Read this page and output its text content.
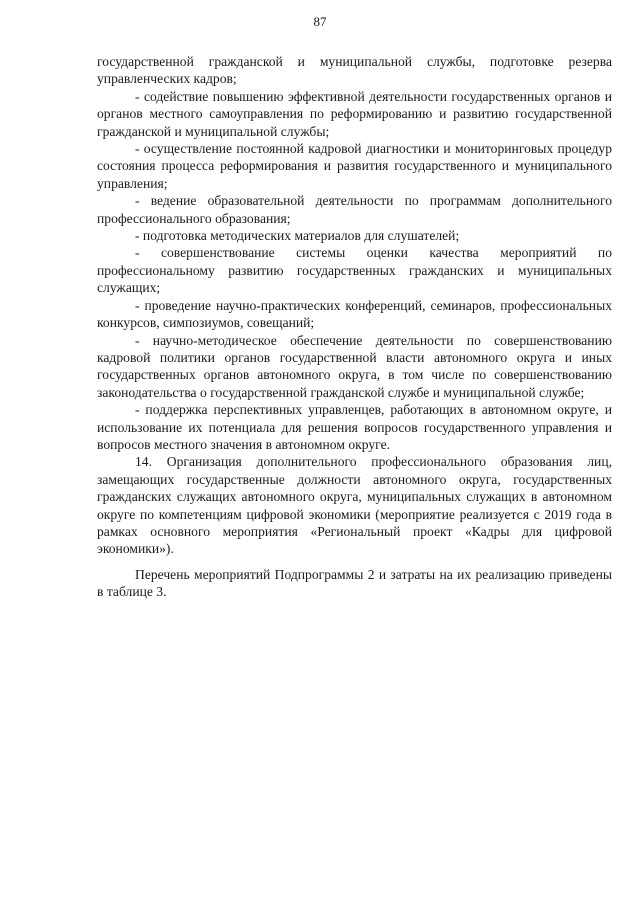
87

государственной гражданской и муниципальной службы, подготовке резерва управленческих кадров;

- содействие повышению эффективной деятельности государственных органов и органов местного самоуправления по реформированию и развитию государственной гражданской и муниципальной службы;

- осуществление постоянной кадровой диагностики и мониторинговых процедур состояния процесса реформирования и развития государственного и муниципального управления;

- ведение образовательной деятельности по программам дополнительного профессионального образования;

- подготовка методических материалов для слушателей;

- совершенствование системы оценки качества мероприятий по профессиональному развитию государственных гражданских и муниципальных служащих;

- проведение научно-практических конференций, семинаров, профессиональных конкурсов, симпозиумов, совещаний;

- научно-методическое обеспечение деятельности по совершенствованию кадровой политики органов государственной власти автономного округа и иных государственных органов автономного округа, в том числе по совершенствованию законодательства о государственной гражданской службе и муниципальной службе;

- поддержка перспективных управленцев, работающих в автономном округе, и использование их потенциала для решения вопросов государственного управления и вопросов местного значения в автономном округе.

14. Организация дополнительного профессионального образования лиц, замещающих государственные должности автономного округа, государственных гражданских служащих автономного округа, муниципальных служащих в автономном округе по компетенциям цифровой экономики (мероприятие реализуется с 2019 года в рамках основного мероприятия «Региональный проект «Кадры для цифровой экономики»).

Перечень мероприятий Подпрограммы 2 и затраты на их реализацию приведены в таблице 3.
